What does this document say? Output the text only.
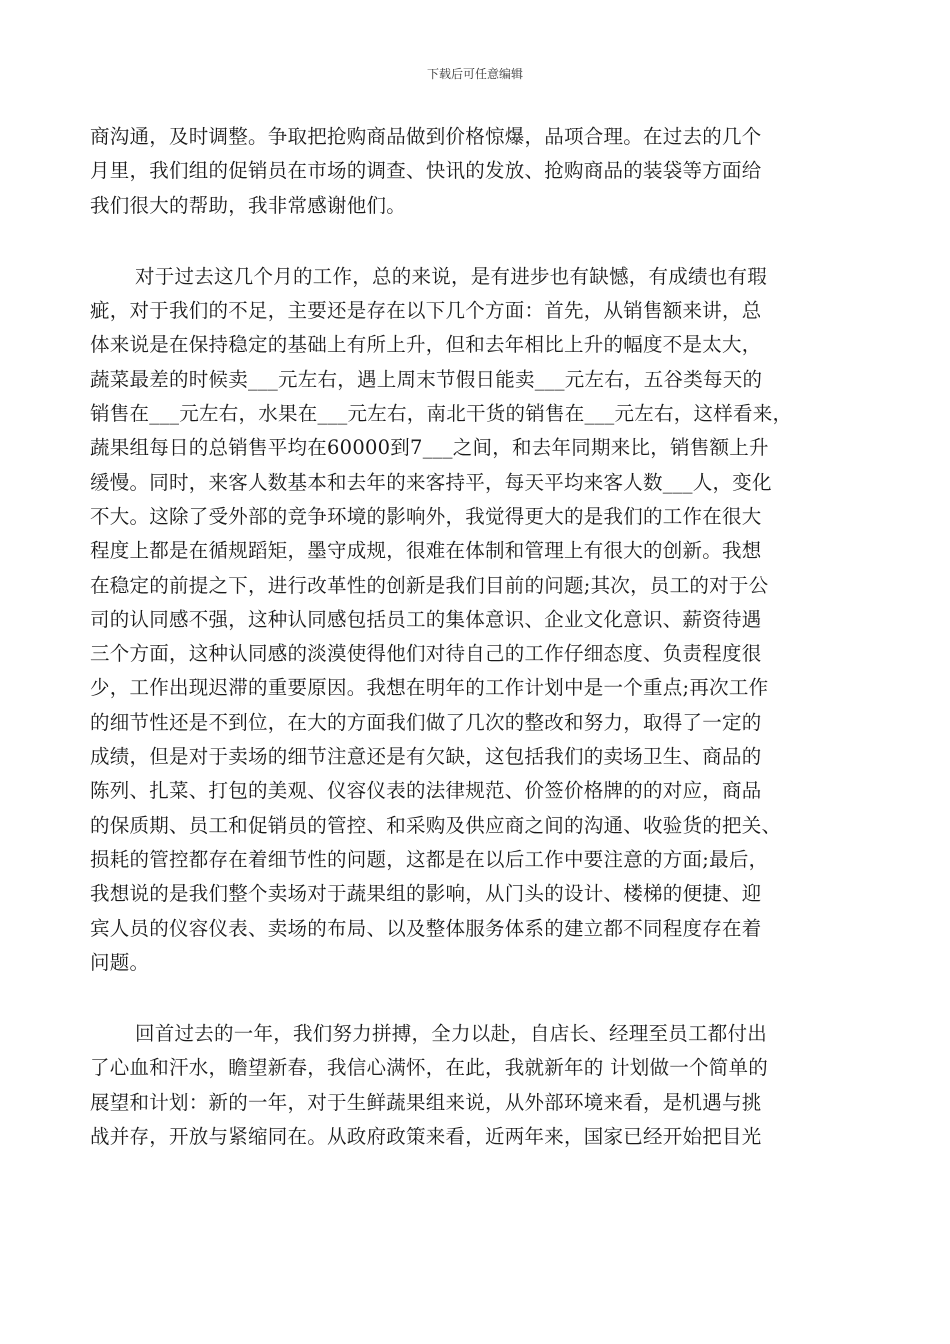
下载后可任意编辑

商沟通，及时调整。争取把抢购商品做到价格惊爆，品项合理。在过去的几个
月里，我们组的促销员在市场的调查、快讯的发放、抢购商品的装袋等方面给
我们很大的帮助，我非常感谢他们。

对于过去这几个月的工作，总的来说，是有进步也有缺憾，有成绩也有瑕
疵，对于我们的不足，主要还是存在以下几个方面：首先，从销售额来讲，总
体来说是在保持稳定的基础上有所上升，但和去年相比上升的幅度不是太大，
蔬菜最差的时候卖___元左右，遇上周末节假日能卖___元左右，五谷类每天的
销售在___元左右，水果在___元左右，南北干货的销售在___元左右，这样看来，
蔬果组每日的总销售平均在60000到7___之间，和去年同期来比，销售额上升
缓慢。同时，来客人数基本和去年的来客持平，每天平均来客人数___人，变化
不大。这除了受外部的竞争环境的影响外，我觉得更大的是我们的工作在很大
程度上都是在循规蹈矩，墨守成规，很难在体制和管理上有很大的创新。我想
在稳定的前提之下，进行改革性的创新是我们目前的问题;其次，员工的对于公
司的认同感不强，这种认同感包括员工的集体意识、企业文化意识、薪资待遇
三个方面，这种认同感的淡漠使得他们对待自己的工作仔细态度、负责程度很
少，工作出现迟滞的重要原因。我想在明年的工作计划中是一个重点;再次工作
的细节性还是不到位，在大的方面我们做了几次的整改和努力，取得了一定的
成绩，但是对于卖场的细节注意还是有欠缺，这包括我们的卖场卫生、商品的
陈列、扎菜、打包的美观、仪容仪表的法律规范、价签价格牌的的对应，商品
的保质期、员工和促销员的管控、和采购及供应商之间的沟通、收验货的把关、
损耗的管控都存在着细节性的问题，这都是在以后工作中要注意的方面;最后，
我想说的是我们整个卖场对于蔬果组的影响，从门头的设计、楼梯的便捷、迎
宾人员的仪容仪表、卖场的布局、以及整体服务体系的建立都不同程度存在着
问题。

回首过去的一年，我们努力拼搏，全力以赴，自店长、经理至员工都付出
了心血和汗水，瞻望新春，我信心满怀，在此，我就新年的 计划做一个简单的
展望和计划：新的一年，对于生鲜蔬果组来说，从外部环境来看，是机遇与挑
战并存，开放与紧缩同在。从政府政策来看，近两年来，国家已经开始把目光
